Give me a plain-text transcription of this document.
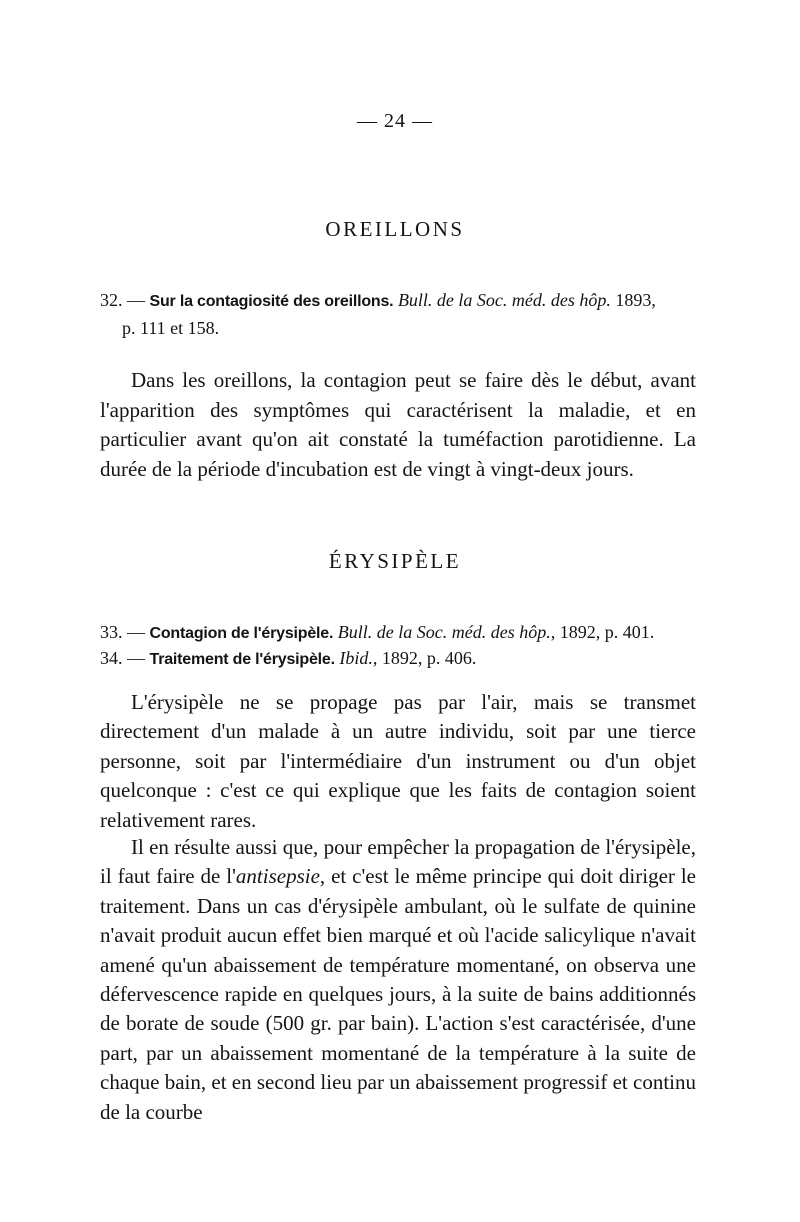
— 24 —
OREILLONS
32. — Sur la contagiosité des oreillons. Bull. de la Soc. méd. des hôp. 1893,
p. 111 et 158.

Dans les oreillons, la contagion peut se faire dès le début, avant l'apparition des symptômes qui caractérisent la maladie, et en particulier avant qu'on ait constaté la tuméfaction parotidienne. La durée de la période d'incubation est de vingt à vingt-deux jours.

ÉRYSIPÈLE
33. — Contagion de l'érysipèle. Bull. de la Soc. méd. des hôp., 1892, p. 401.
34. — Traitement de l'érysipèle. Ibid., 1892, p. 406.

L'érysipèle ne se propage pas par l'air, mais se transmet directement d'un malade à un autre individu, soit par une tierce personne, soit par l'intermédiaire d'un instrument ou d'un objet quelconque : c'est ce qui explique que les faits de contagion soient relativement rares.

Il en résulte aussi que, pour empêcher la propagation de l'érysipèle, il faut faire de l'antisepsie, et c'est le même principe qui doit diriger le traitement. Dans un cas d'érysipèle ambulant, où le sulfate de quinine n'avait produit aucun effet bien marqué et où l'acide salicylique n'avait amené qu'un abaissement de température momentané, on observa une défervescence rapide en quelques jours, à la suite de bains additionnés de borate de soude (500 gr. par bain). L'action s'est caractérisée, d'une part, par un abaissement momentané de la température à la suite de chaque bain, et en second lieu par un abaissement progressif et continu de la courbe
